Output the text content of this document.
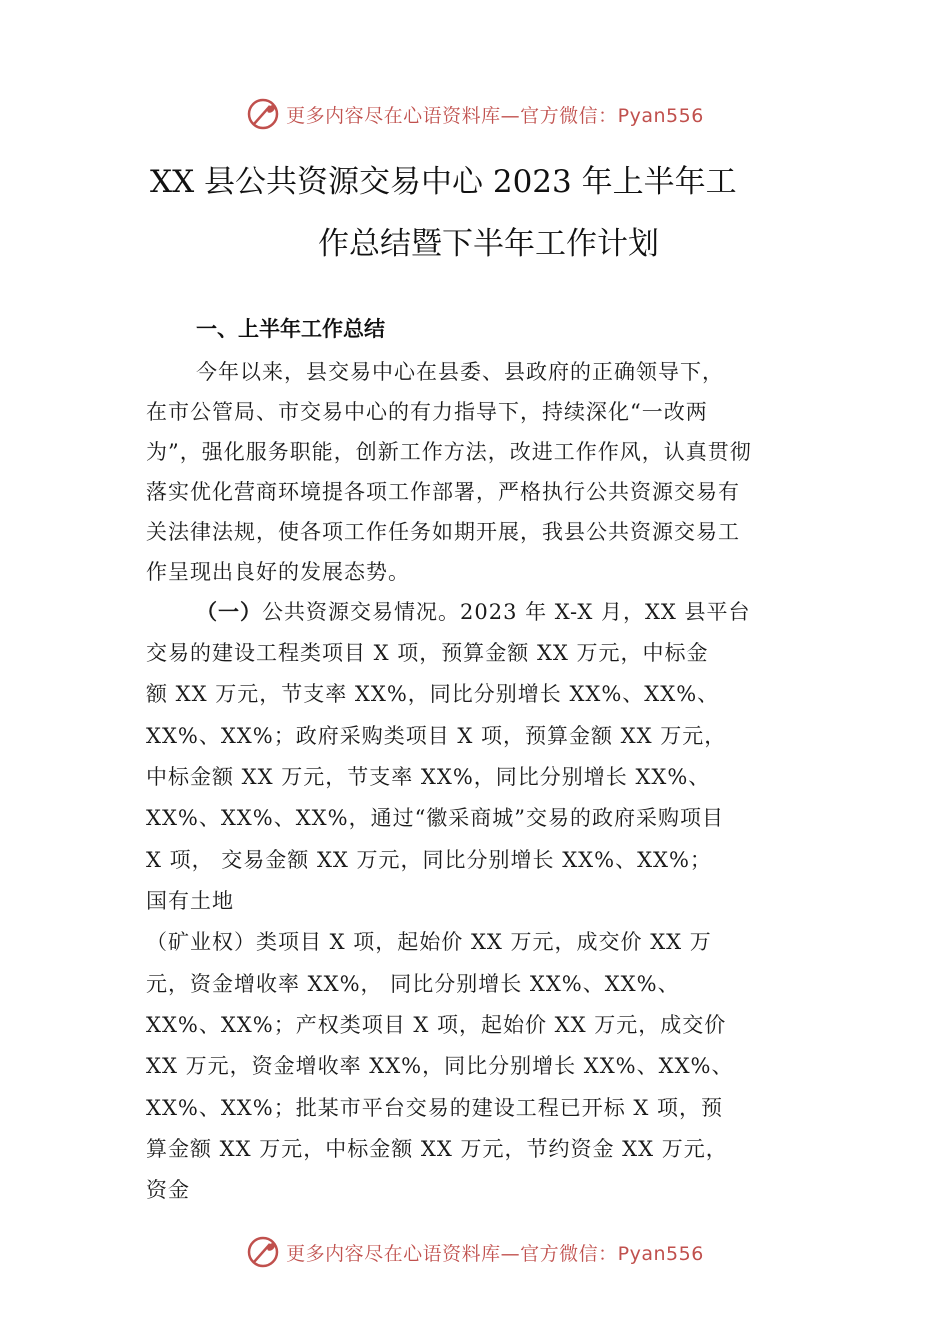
更多内容尽在心语资料库—官方微信：Pyan556
XX 县公共资源交易中心 2023 年上半年工
作总结暨下半年工作计划
一、上半年工作总结
今年以来，县交易中心在县委、县政府的正确领导下，
在市公管局、市交易中心的有力指导下，持续深化“一改两
为”，强化服务职能，创新工作方法，改进工作作风，认真贯彻
落实优化营商环境提各项工作部署，严格执行公共资源交易有
关法律法规，使各项工作任务如期开展，我县公共资源交易工
作呈现出良好的发展态势。
（一）公共资源交易情况。2023 年 X-X 月，XX 县平台
交易的建设工程类项目 X 项，预算金额 XX 万元，中标金
额 XX 万元，节支率 XX%，同比分别增长 XX%、XX%、
XX%、XX%；政府采购类项目 X 项，预算金额 XX 万元，
中标金额 XX 万元，节支率 XX%，同比分别增长 XX%、
XX%、XX%、XX%，通过“徽采商城”交易的政府采购项目
X 项， 交易金额 XX 万元，同比分别增长 XX%、XX%；
国有土地
（矿业权）类项目 X 项，起始价 XX 万元，成交价 XX 万
元，资金增收率 XX%， 同比分别增长 XX%、XX%、
XX%、XX%；产权类项目 X 项，起始价 XX 万元，成交价
XX 万元，资金增收率 XX%，同比分别增长 XX%、XX%、
XX%、XX%；批某市平台交易的建设工程已开标 X 项，预
算金额 XX 万元，中标金额 XX 万元，节约资金 XX 万元，
资金
更多内容尽在心语资料库—官方微信：Pyan556
